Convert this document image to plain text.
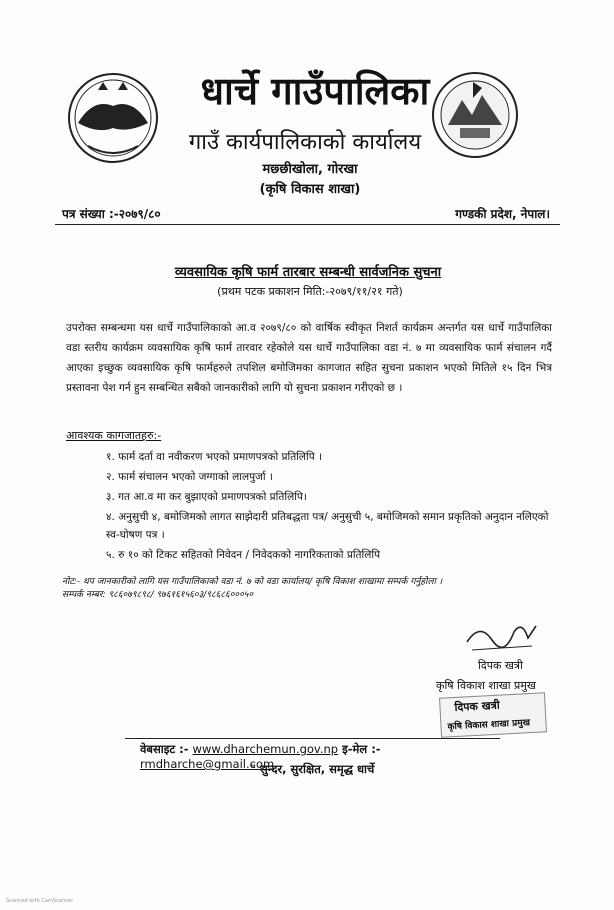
धार्चे गाउँपालिका
गाउँ कार्यपालिकाको कार्यालय
मछ्छीखोला, गोरखा
(कृषि विकास शाखा)
पत्र संख्या :-२०७९/८०	गण्डकी प्रदेश, नेपाल।
व्यवसायिक कृषि फार्म तारबार सम्बन्धी सार्वजनिक सुचना
(प्रथम पटक प्रकाशन मिति:-२०७९/११/२१ गते)
उपरोक्त सम्बन्धमा यस धार्चे गाउँपालिकाको आ.व २०७९/८० को वार्षिक स्वीकृत निशर्त कार्यक्रम अन्तर्गत यस धार्चे गाउँपालिका वडा स्तरीय कार्यक्रम व्यवसायिक कृषि फार्म तारवार रहेकोले यस धार्चे गाउँपालिका वडा नं. ७ मा व्यवसायिक फार्म संचालन गर्दै आएका इच्छुक व्यवसायिक कृषि फार्महरुले तपशिल बमोजिमका कागजात सहित सुचना प्रकाशन भएको मितिले १५ दिन भित्र प्रस्तावना पेश गर्न हुन सम्बन्धित सबैको जानकारीको लागि यो सुचना प्रकाशन गरीएको छ ।
आवश्यक कागजातहरु:-
१. फार्म दर्ता वा नवीकरण भएको प्रमाणपत्रको प्रतिलिपि ।
२. फार्म संचालन भएको जग्गाको लालपुर्जा ।
३. गत आ.व मा कर बुझाएको प्रमाणपत्रको प्रतिलिपि।
४. अनुसुची ४, बमोजिमको लागत साझेदारी प्रतिबद्धता पत्र/ अनुसुची ५, बमोजिमको समान प्रकृतिको अनुदान नलिएको स्व-घोषण पत्र ।
५. रु १० को टिकट सहितको निवेदन / निवेदकको नागरिकताको प्रतिलिपि
नोट:- थप जानकारीको लागि यस गाउँपालिकाको वडा नं. ७ को वडा कार्यालय/ कृषि विकाश शाखामा सम्पर्क गर्नुहोला ।
सम्पर्क नम्बर: ९८६०७९८९८/ ९७६१६१५६०३/९८६८६०००५०
दिपक खत्री
कृषि विकाश शाखा प्रमुख
दिपक खत्री
कृषि विकास शाखा प्रमुख
वेबसाइट :- www.dharchemun.gov.np इ-मेल :- rmdharche@gmail.com
" सुन्दर, सुरक्षित, समृद्ध धार्चे
Scanned with CamScanner
